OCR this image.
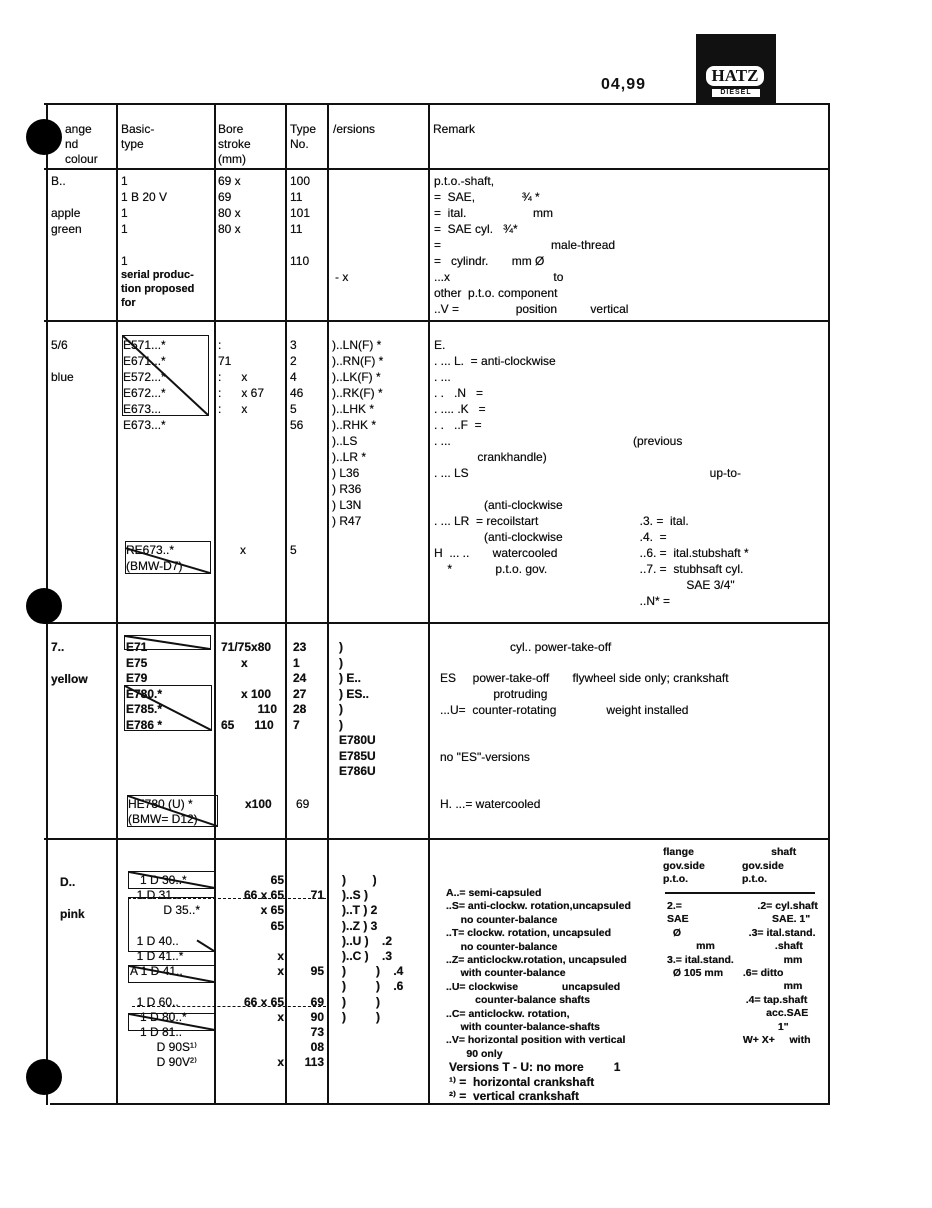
04,99	HATZ
DIESEL
ange
nd
colour
Basic-
type
Bore
stroke
(mm)
Type
No.
/ersions	Remark
B..
apple
green
1
1 B 20 V
1
1
1
serial produc-
tion proposed
for
69 x
69
80 x
80 x
100
11
101
11
110
- x
p.t.o.-shaft,
=  SAE,              ¾ *
=  ital.                    mm
=  SAE cyl.   ¾*
=                                 male-thread
=   cylindr.       mm Ø
...x                               to
other  p.t.o. component
..V =                 position          vertical
5/6
blue
E571...*
E671...*
E572...*
E672...*
E673...
E673...*
RE673..*
(BMW-D7)
:
71
:      x
:      x 67
:      x
x
3
2
4
46
5
56
5
)..LN(F) *
)..RN(F) *
)..LK(F) *
)..RK(F) *
)..LHK *
)..RHK *
)..LS
)..LR *
) L36
) R36
) L3N
) R47
E.
. ... L.  = anti-clockwise
. ...
. .   .N   =
. .... .K   =
. .   ..F  =
. ...
crankhandle)
. ... LS
(anti-clockwise
. ... LR  = recoilstart
(anti-clockwise
H  ... ..       watercooled
*             p.t.o. gov.
(previous
up-to-
.3. =  ital.
.4.  =
..6. =  ital.stubshaft *
..7. =  stubhsaft cyl.
SAE 3/4"
..N* =
7..
yellow
E71
E75
E79
E780.*
E785.*
E786 *
HE780 (U) *
(BMW= D12)
71/75x80
x
x 100
110
65      110
x100
23
1
24
27
28
7
69
)
)
) E..
) ES..
)
)
E780U
E785U
E786U
cyl.. power-take-off
ES     power-take-off       flywheel side only; crankshaft
protruding
...U=  counter-rotating               weight installed
no "ES"-versions
H. ...= watercooled
D..
pink
1 D 30..*
1 D 31..
D 35..*
1 D 40..
1 D 41..*
A 1 D 41..
1 D 60..
1 D 80..*
1 D 81..
D 90S¹⁾
D 90V²⁾
65
66 x 65
x 65
65
x
x
66 x 65
x
x
71
95
69
90
73
08
113
)        )
)..S )
)..T ) 2
)..Z ) 3
)..U )    .2
)..C )    .3
)         )    .4
)         )    .6
)         )
)         )
A..= semi-capsuled
..S= anti-clockw. rotation,uncapsuled
no counter-balance
..T= clockw. rotation, uncapsuled
no counter-balance
..Z= anticlockw.rotation, uncapsuled
with counter-balance
..U= clockwise               uncapsuled
counter-balance shafts
..C= anticlockw. rotation,
with counter-balance-shafts
..V= horizontal position with vertical
90 only
Versions T - U: no more         1
¹⁾ =  horizontal crankshaft
²⁾ =  vertical crankshaft
flange
gov.side
p.t.o.
shaft
gov.side
p.t.o.
2.=
SAE
Ø
mm
3.= ital.stand.
Ø 105 mm
.2= cyl.shaft
SAE. 1"
.3= ital.stand.
.shaft
mm
.6= ditto
mm
.4= tap.shaft
acc.SAE
1"
W+ X+     with
